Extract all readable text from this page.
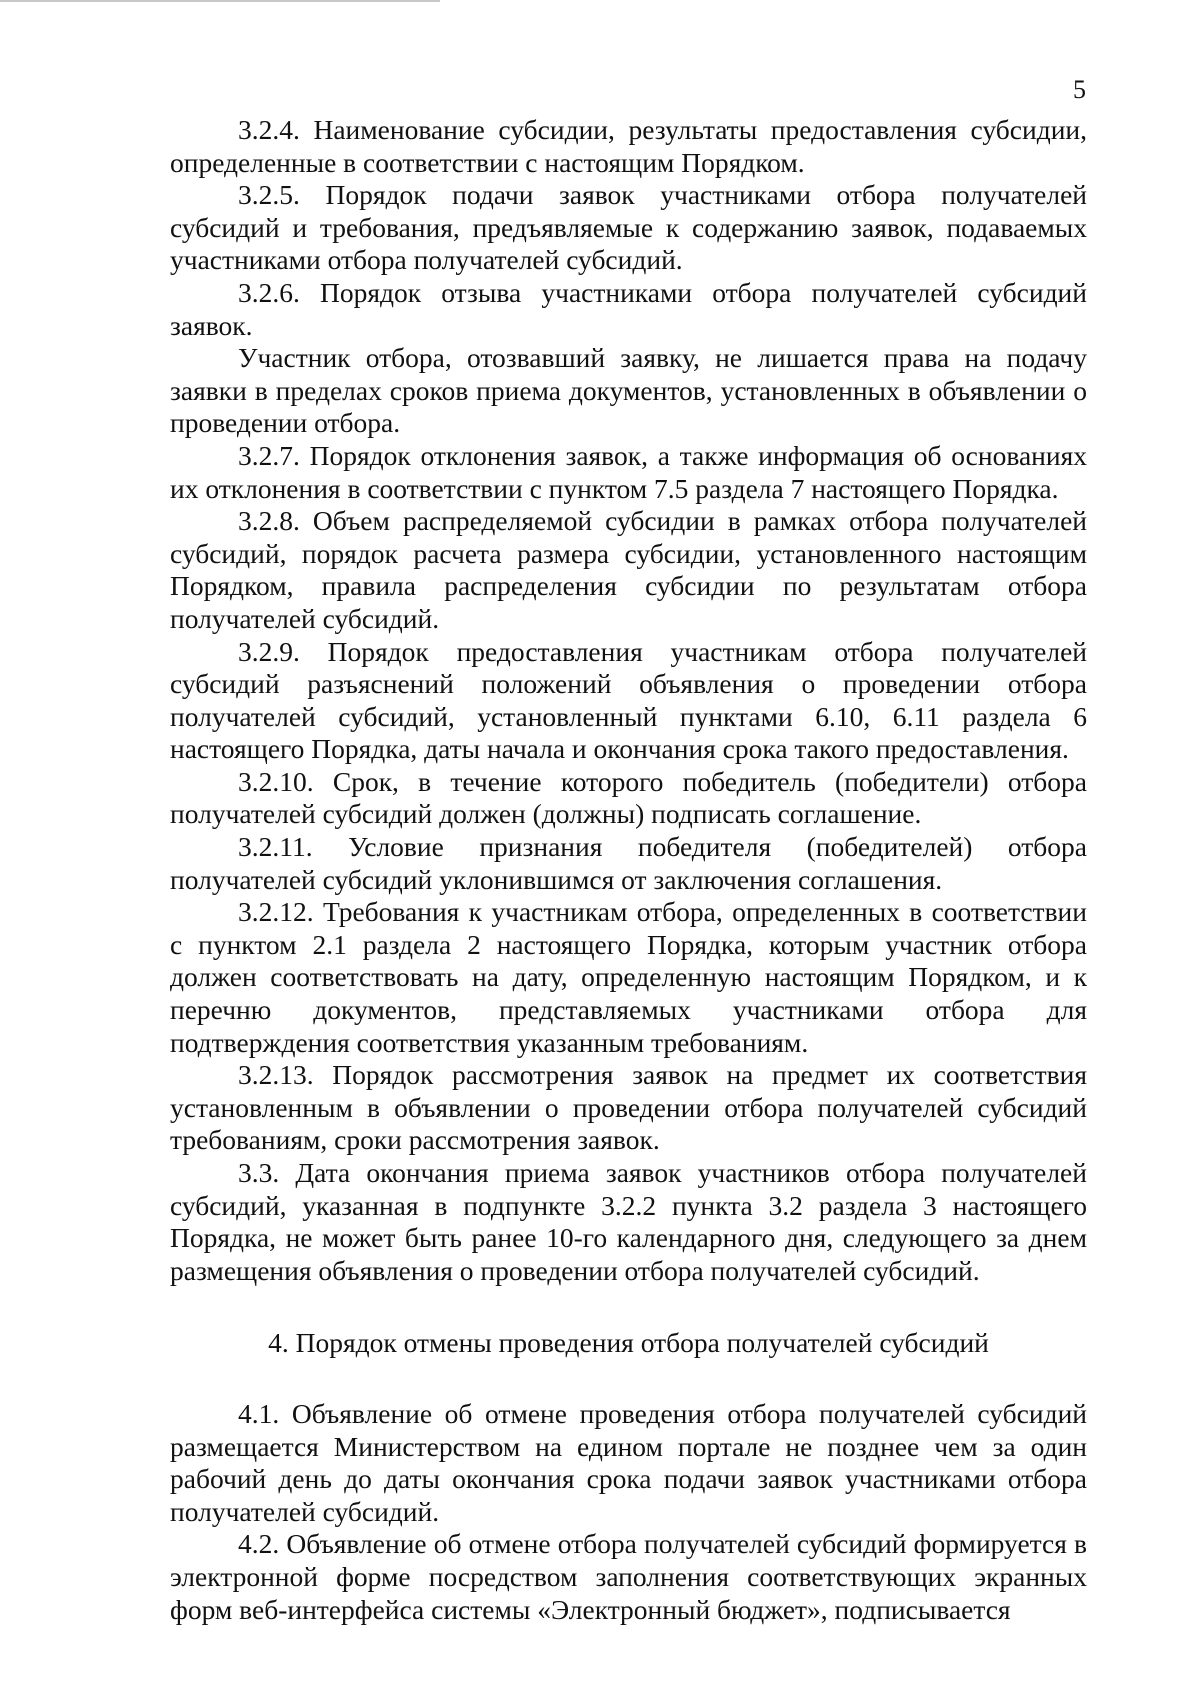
5

3.2.4. Наименование субсидии, результаты предоставления субсидии, определенные в соответствии с настоящим Порядком.

3.2.5. Порядок подачи заявок участниками отбора получателей субсидий и требования, предъявляемые к содержанию заявок, подаваемых участниками отбора получателей субсидий.

3.2.6. Порядок отзыва участниками отбора получателей субсидий заявок.

Участник отбора, отозвавший заявку, не лишается права на подачу заявки в пределах сроков приема документов, установленных в объявлении о проведении отбора.

3.2.7. Порядок отклонения заявок, а также информация об основаниях их отклонения в соответствии с пунктом 7.5 раздела 7 настоящего Порядка.

3.2.8. Объем распределяемой субсидии в рамках отбора получателей субсидий, порядок расчета размера субсидии, установленного настоящим Порядком, правила распределения субсидии по результатам отбора получателей субсидий.

3.2.9. Порядок предоставления участникам отбора получателей субсидий разъяснений положений объявления о проведении отбора получателей субсидий, установленный пунктами 6.10, 6.11 раздела 6 настоящего Порядка, даты начала и окончания срока такого предоставления.

3.2.10. Срок, в течение которого победитель (победители) отбора получателей субсидий должен (должны) подписать соглашение.

3.2.11. Условие признания победителя (победителей) отбора получателей субсидий уклонившимся от заключения соглашения.

3.2.12. Требования к участникам отбора, определенных в соответствии с пунктом 2.1 раздела 2 настоящего Порядка, которым участник отбора должен соответствовать на дату, определенную настоящим Порядком, и к перечню документов, представляемых участниками отбора для подтверждения соответствия указанным требованиям.

3.2.13. Порядок рассмотрения заявок на предмет их соответствия установленным в объявлении о проведении отбора получателей субсидий требованиям, сроки рассмотрения заявок.

3.3. Дата окончания приема заявок участников отбора получателей субсидий, указанная в подпункте 3.2.2 пункта 3.2 раздела 3 настоящего Порядка, не может быть ранее 10-го календарного дня, следующего за днем размещения объявления о проведении отбора получателей субсидий.

4. Порядок отмены проведения отбора получателей субсидий

4.1. Объявление об отмене проведения отбора получателей субсидий размещается Министерством на едином портале не позднее чем за один рабочий день до даты окончания срока подачи заявок участниками отбора получателей субсидий.

4.2. Объявление об отмене отбора получателей субсидий формируется в электронной форме посредством заполнения соответствующих экранных форм веб-интерфейса системы «Электронный бюджет», подписывается
